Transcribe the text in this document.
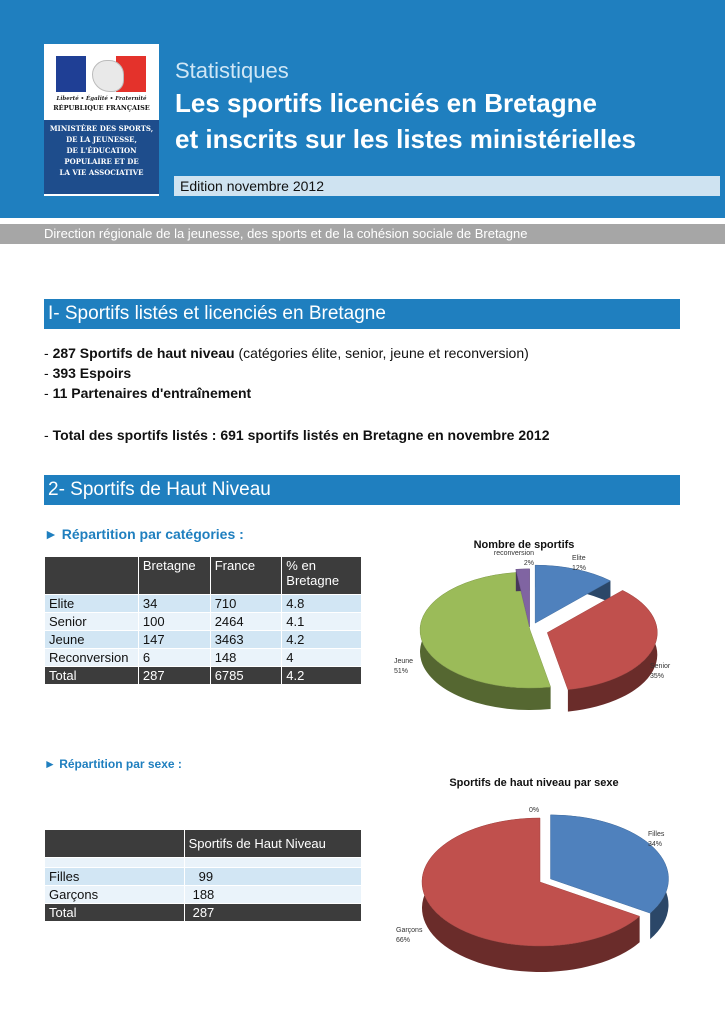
Liberté • Égalité • Fraternité
RÉPUBLIQUE FRANÇAISE
MINISTÈRE DES SPORTS,
DE LA JEUNESSE,
DE L'ÉDUCATION
POPULAIRE ET DE
LA VIE ASSOCIATIVE
Statistiques
Les sportifs licenciés en Bretagne
et inscrits sur les listes ministérielles
Edition novembre 2012
Direction régionale de la jeunesse, des sports et de la cohésion sociale de Bretagne
I- Sportifs listés et licenciés en Bretagne
- 287 Sportifs de haut niveau (catégories élite, senior, jeune et reconversion)
- 393 Espoirs
- 11 Partenaires d'entraînement
- Total des sportifs listés : 691 sportifs listés en Bretagne en novembre 2012
2- Sportifs de Haut Niveau
► Répartition par catégories :
	Bretagne	France	% en Bretagne
Elite	34	710	4.8
Senior	100	2464	4.1
Jeune	147	3463	4.2
Reconversion	6	148	4
Total	287	6785	4.2
► Répartition par sexe :
	Sportifs de Haut Niveau

Filles	99
Garçons	188
Total	287
Nombre de sportifs
Elite
12%
Senior
35%
Jeune
51%
reconversion
2%
Sportifs de haut niveau par sexe
Filles
34%
Garçons
66%
0%
